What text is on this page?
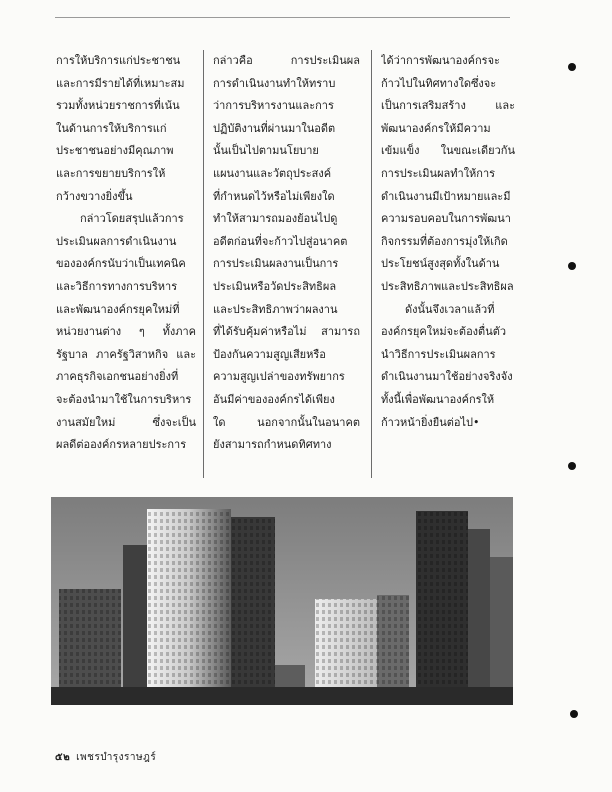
การให้บริการแก่ประชาชน

และการมีรายได้ที่เหมาะสม

รวมทั้งหน่วยราชการที่เน้น

ในด้านการให้บริการแก่

ประชาชนอย่างมีคุณภาพ

และการขยายบริการให้

กว้างขวางยิ่งขึ้น

กล่าวโดยสรุปแล้วการ

ประเมินผลการดำเนินงาน

ขององค์กรนับว่าเป็นเทคนิค

และวิธีการทางการบริหาร

และพัฒนาองค์กรยุคใหม่ที่

หน่วยงานต่าง ๆ ทั้งภาค

รัฐบาล ภาครัฐวิสาหกิจ และ

ภาคธุรกิจเอกชนอย่างยิ่งที่

จะต้องนำมาใช้ในการบริหาร

งานสมัยใหม่ ซึ่งจะเป็น

ผลดีต่อองค์กรหลายประการ

กล่าวคือ การประเมินผล

การดำเนินงานทำให้ทราบ

ว่าการบริหารงานและการ

ปฏิบัติงานที่ผ่านมาในอดีต

นั้นเป็นไปตามนโยบาย

แผนงานและวัตถุประสงค์

ที่กำหนดไว้หรือไม่เพียงใด

ทำให้สามารถมองย้อนไปดู

อดีตก่อนที่จะก้าวไปสู่อนาคต

การประเมินผลงานเป็นการ

ประเมินหรือวัดประสิทธิผล

และประสิทธิภาพว่าผลงาน

ที่ได้รับคุ้มค่าหรือไม่ สามารถ

ป้องกันความสูญเสียหรือ

ความสูญเปล่าของทรัพยากร

อันมีค่าขององค์กรได้เพียง

ใด นอกจากนั้นในอนาคต

ยังสามารถกำหนดทิศทาง

ได้ว่าการพัฒนาองค์กรจะ

ก้าวไปในทิศทางใดซึ่งจะ

เป็นการเสริมสร้าง และ

พัฒนาองค์กรให้มีความ

เข้มแข็ง ในขณะเดียวกัน

การประเมินผลทำให้การ

ดำเนินงานมีเป้าหมายและมี

ความรอบคอบในการพัฒนา

กิจกรรมที่ต้องการมุ่งให้เกิด

ประโยชน์สูงสุดทั้งในด้าน

ประสิทธิภาพและประสิทธิผล

ดังนั้นจึงเวลาแล้วที่

องค์กรยุคใหม่จะต้องตื่นตัว

นำวิธีการประเมินผลการ

ดำเนินงานมาใช้อย่างจริงจัง

ทั้งนี้เพื่อพัฒนาองค์กรให้

ก้าวหน้ายิ่งยืนต่อไป•

๕๒ เพชรบำรุงราษฎร์
